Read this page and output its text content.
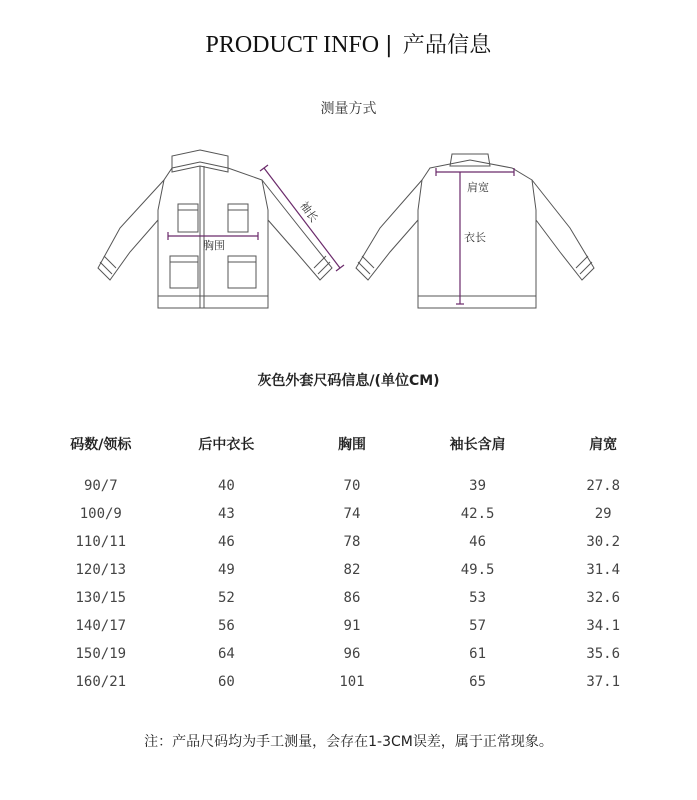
PRODUCT INFO | 产品信息
测量方式
胸围
袖长
肩宽
衣长
灰色外套尺码信息/(单位CM)
码数/领标	后中衣长	胸围	袖长含肩	肩宽

90/7	40	70	39	27.8
100/9	43	74	42.5	29
110/11	46	78	46	30.2
120/13	49	82	49.5	31.4
130/15	52	86	53	32.6
140/17	56	91	57	34.1
150/19	64	96	61	35.6
160/21	60	101	65	37.1
注：产品尺码均为手工测量，会存在1-3CM误差，属于正常现象。
